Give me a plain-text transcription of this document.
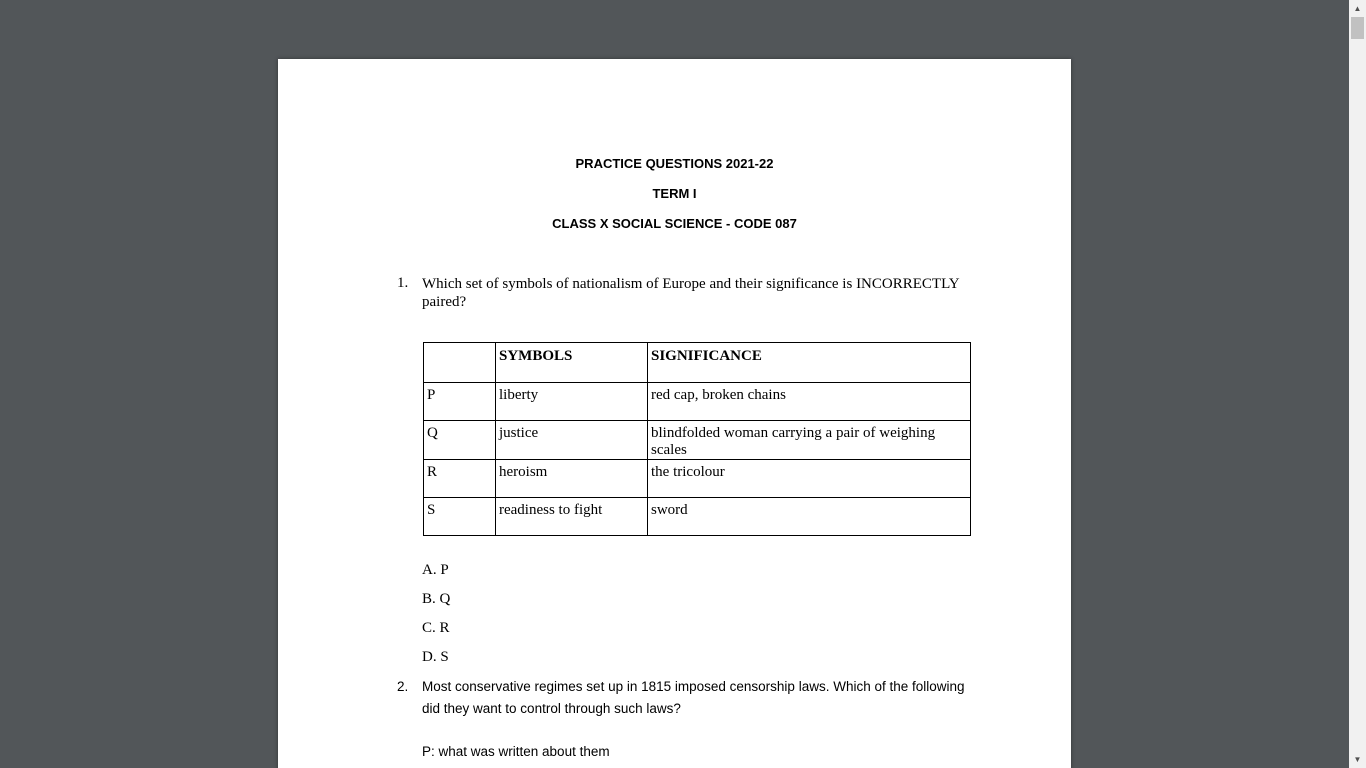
PRACTICE QUESTIONS 2021-22
TERM I
CLASS X SOCIAL SCIENCE - CODE 087
1. Which set of symbols of nationalism of Europe and their significance is INCORRECTLY paired?
	SYMBOLS	SIGNIFICANCE
P	liberty	red cap, broken chains
Q	justice	blindfolded woman carrying a pair of weighing scales
R	heroism	the tricolour
S	readiness to fight	sword
A. P
B. Q
C. R
D. S
2. Most conservative regimes set up in 1815 imposed censorship laws. Which of the following did they want to control through such laws?
P: what was written about them
▲
▼
